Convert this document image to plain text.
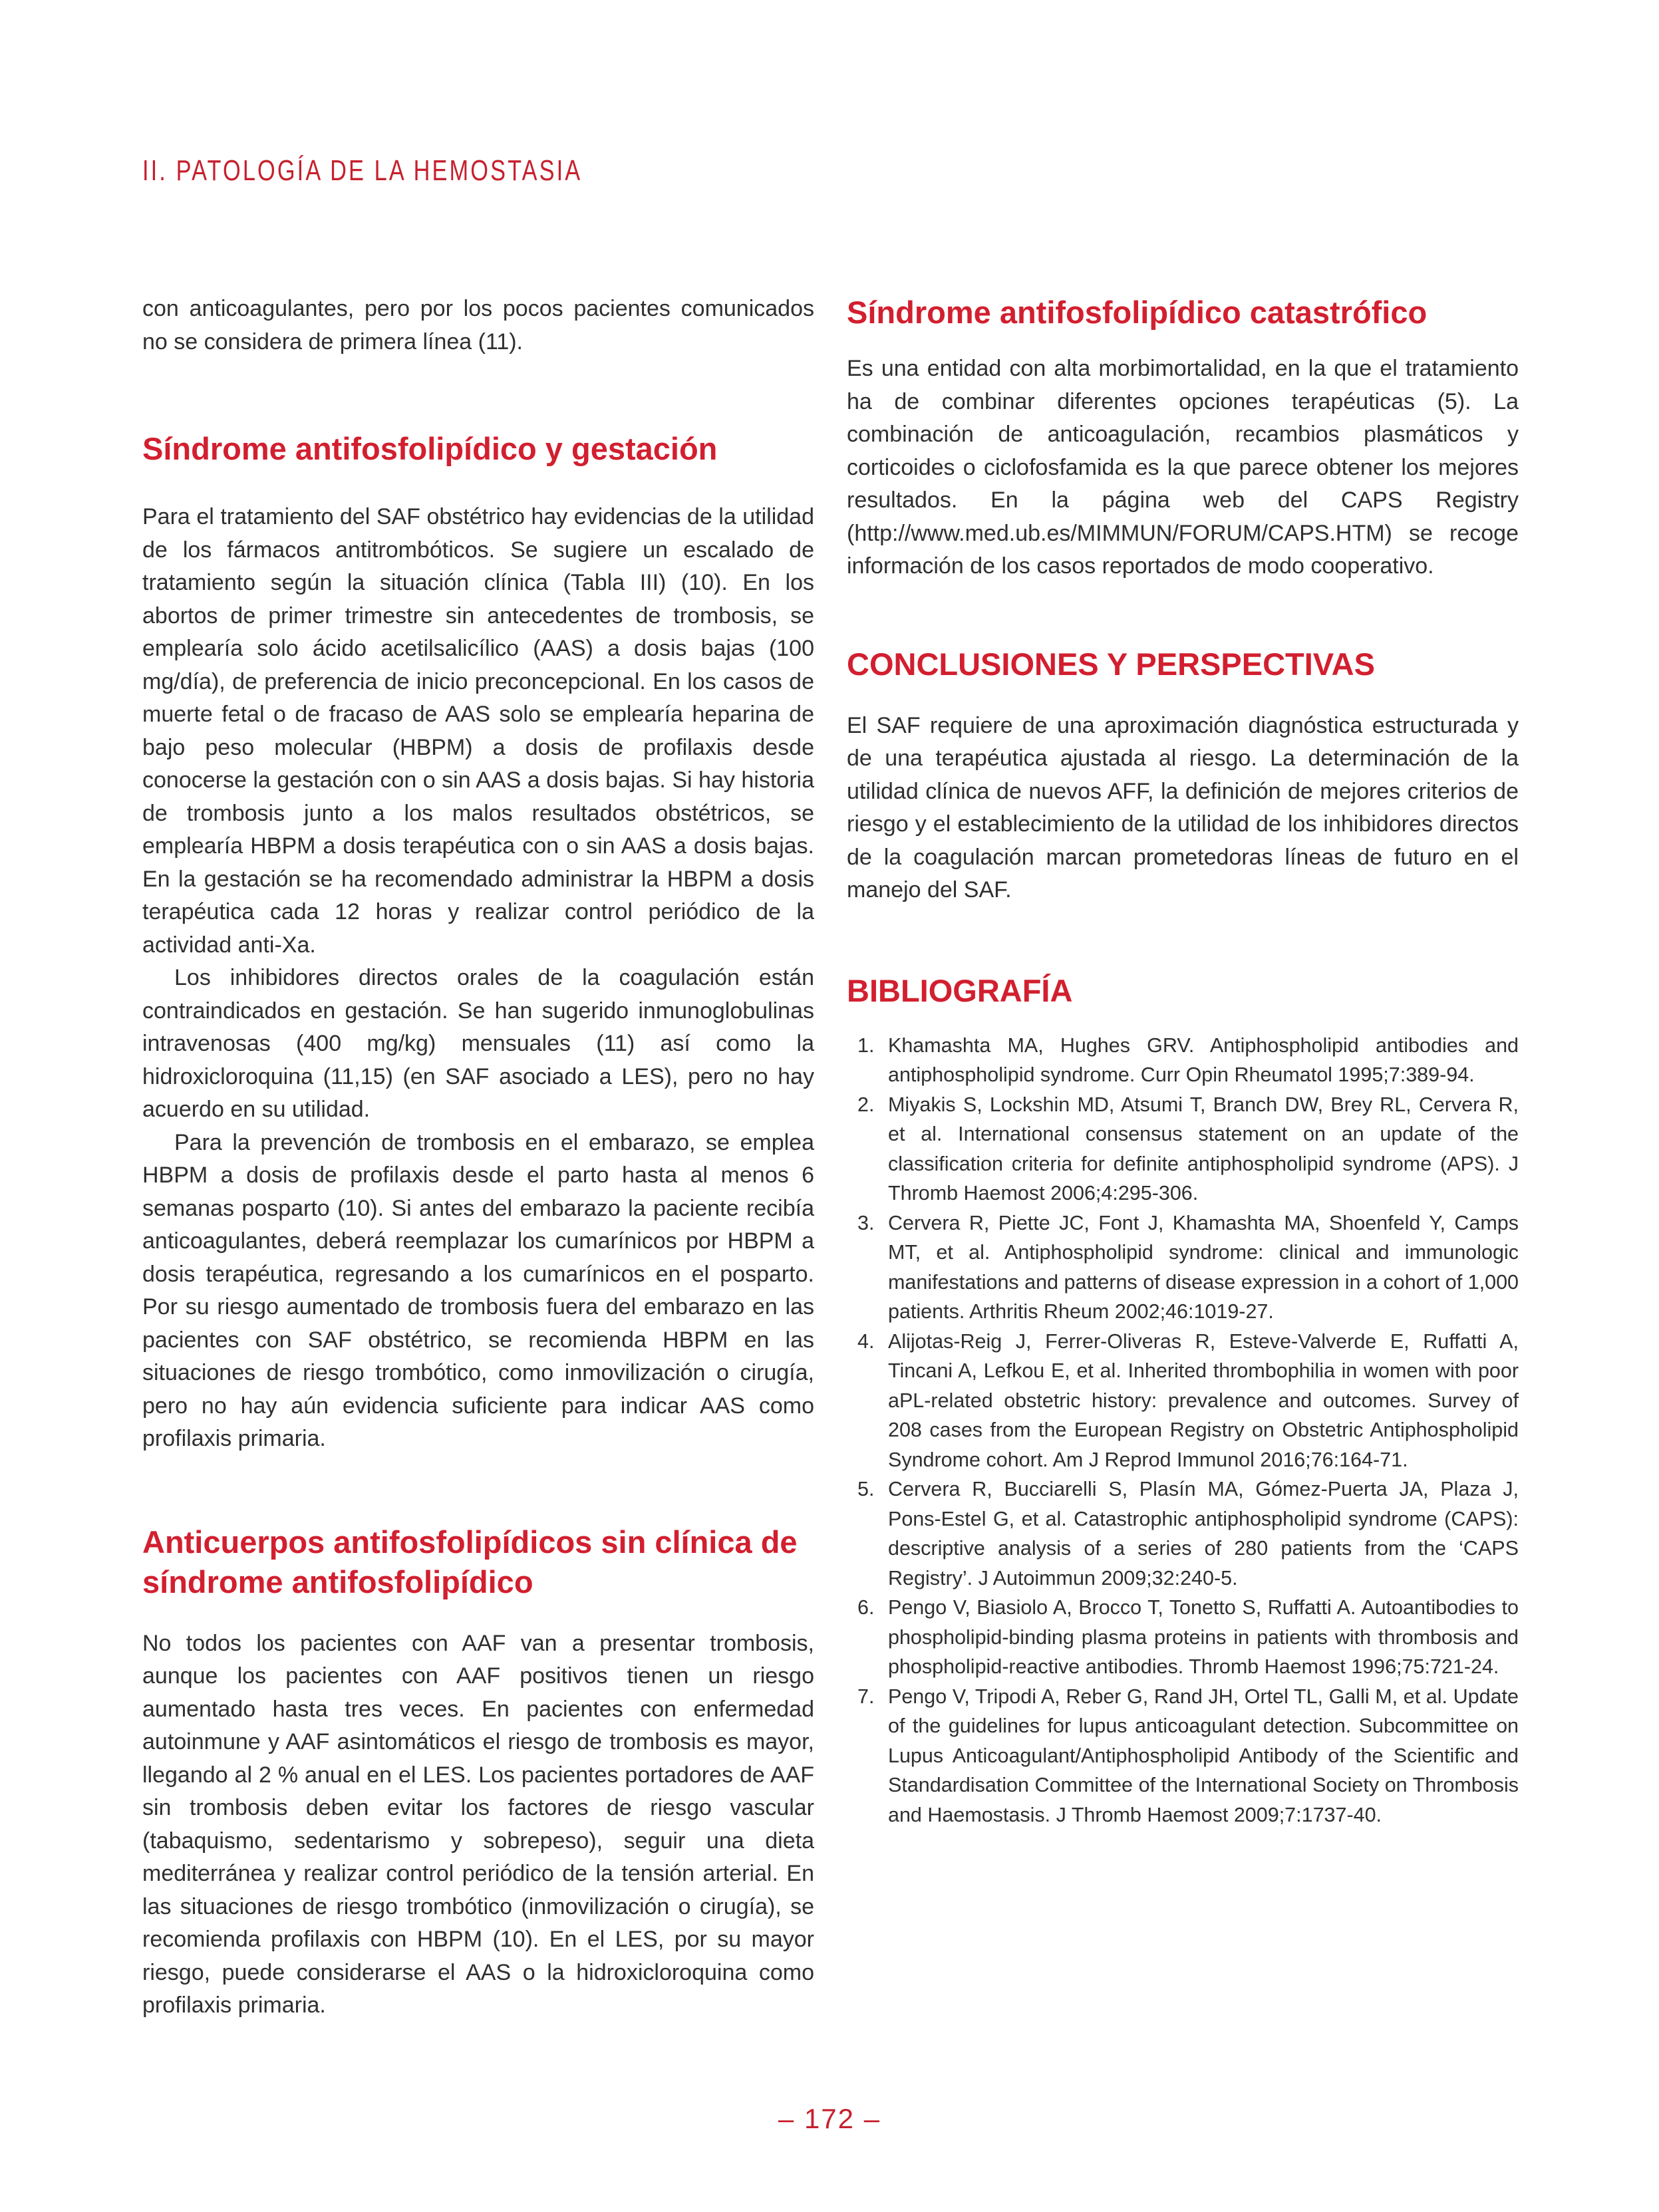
II. PATOLOGÍA DE LA HEMOSTASIA

con anticoagulantes, pero por los pocos pacientes comunicados no se considera de primera línea (11).

Síndrome antifosfolipídico y gestación

Para el tratamiento del SAF obstétrico hay evidencias de la utilidad de los fármacos antitrombóticos. Se sugiere un escalado de tratamiento según la situación clínica (Tabla III) (10). En los abortos de primer trimestre sin antecedentes de trombosis, se emplearía solo ácido acetilsalicílico (AAS) a dosis bajas (100 mg/día), de preferencia de inicio preconcepcional. En los casos de muerte fetal o de fracaso de AAS solo se emplearía heparina de bajo peso molecular (HBPM) a dosis de profilaxis desde conocerse la gestación con o sin AAS a dosis bajas. Si hay historia de trombosis junto a los malos resultados obstétricos, se emplearía HBPM a dosis terapéutica con o sin AAS a dosis bajas. En la gestación se ha recomendado administrar la HBPM a dosis terapéutica cada 12 horas y realizar control periódico de la actividad anti-Xa.

Los inhibidores directos orales de la coagulación están contraindicados en gestación. Se han sugerido inmunoglobulinas intravenosas (400 mg/kg) mensuales (11) así como la hidroxicloroquina (11,15) (en SAF asociado a LES), pero no hay acuerdo en su utilidad.

Para la prevención de trombosis en el embarazo, se emplea HBPM a dosis de profilaxis desde el parto hasta al menos 6 semanas posparto (10). Si antes del embarazo la paciente recibía anticoagulantes, deberá reemplazar los cumarínicos por HBPM a dosis terapéutica, regresando a los cumarínicos en el posparto. Por su riesgo aumentado de trombosis fuera del embarazo en las pacientes con SAF obstétrico, se recomienda HBPM en las situaciones de riesgo trombótico, como inmovilización o cirugía, pero no hay aún evidencia suficiente para indicar AAS como profilaxis primaria.

Anticuerpos antifosfolipídicos sin clínica de síndrome antifosfolipídico

No todos los pacientes con AAF van a presentar trombosis, aunque los pacientes con AAF positivos tienen un riesgo aumentado hasta tres veces. En pacientes con enfermedad autoinmune y AAF asintomáticos el riesgo de trombosis es mayor, llegando al 2 % anual en el LES. Los pacientes portadores de AAF sin trombosis deben evitar los factores de riesgo vascular (tabaquismo, sedentarismo y sobrepeso), seguir una dieta mediterránea y realizar control periódico de la tensión arterial. En las situaciones de riesgo trombótico (inmovilización o cirugía), se recomienda profilaxis con HBPM (10). En el LES, por su mayor riesgo, puede considerarse el AAS o la hidroxicloroquina como profilaxis primaria.

Síndrome antifosfolipídico catastrófico

Es una entidad con alta morbimortalidad, en la que el tratamiento ha de combinar diferentes opciones terapéuticas (5). La combinación de anticoagulación, recambios plasmáticos y corticoides o ciclofosfamida es la que parece obtener los mejores resultados. En la página web del CAPS Registry (http://www.med.ub.es/MIMMUN/FORUM/CAPS.HTM) se recoge información de los casos reportados de modo cooperativo.

CONCLUSIONES Y PERSPECTIVAS

El SAF requiere de una aproximación diagnóstica estructurada y de una terapéutica ajustada al riesgo. La determinación de la utilidad clínica de nuevos AFF, la definición de mejores criterios de riesgo y el establecimiento de la utilidad de los inhibidores directos de la coagulación marcan prometedoras líneas de futuro en el manejo del SAF.

BIBLIOGRAFÍA
1. Khamashta MA, Hughes GRV. Antiphospholipid antibodies and antiphospholipid syndrome. Curr Opin Rheumatol 1995;7:389-94.
2. Miyakis S, Lockshin MD, Atsumi T, Branch DW, Brey RL, Cervera R, et al. International consensus statement on an update of the classification criteria for definite antiphospholipid syndrome (APS). J Thromb Haemost 2006;4:295-306.
3. Cervera R, Piette JC, Font J, Khamashta MA, Shoenfeld Y, Camps MT, et al. Antiphospholipid syndrome: clinical and immunologic manifestations and patterns of disease expression in a cohort of 1,000 patients. Arthritis Rheum 2002;46:1019-27.
4. Alijotas-Reig J, Ferrer-Oliveras R, Esteve-Valverde E, Ruffatti A, Tincani A, Lefkou E, et al. Inherited thrombophilia in women with poor aPL-related obstetric history: prevalence and outcomes. Survey of 208 cases from the European Registry on Obstetric Antiphospholipid Syndrome cohort. Am J Reprod Immunol 2016;76:164-71.
5. Cervera R, Bucciarelli S, Plasín MA, Gómez-Puerta JA, Plaza J, Pons-Estel G, et al. Catastrophic antiphospholipid syndrome (CAPS): descriptive analysis of a series of 280 patients from the ‘CAPS Registry’. J Autoimmun 2009;32:240-5.
6. Pengo V, Biasiolo A, Brocco T, Tonetto S, Ruffatti A. Autoantibodies to phospholipid-binding plasma proteins in patients with thrombosis and phospholipid-reactive antibodies. Thromb Haemost 1996;75:721-24.
7. Pengo V, Tripodi A, Reber G, Rand JH, Ortel TL, Galli M, et al. Update of the guidelines for lupus anticoagulant detection. Subcommittee on Lupus Anticoagulant/Antiphospholipid Antibody of the Scientific and Standardisation Committee of the International Society on Thrombosis and Haemostasis. J Thromb Haemost 2009;7:1737-40.
– 172 –
